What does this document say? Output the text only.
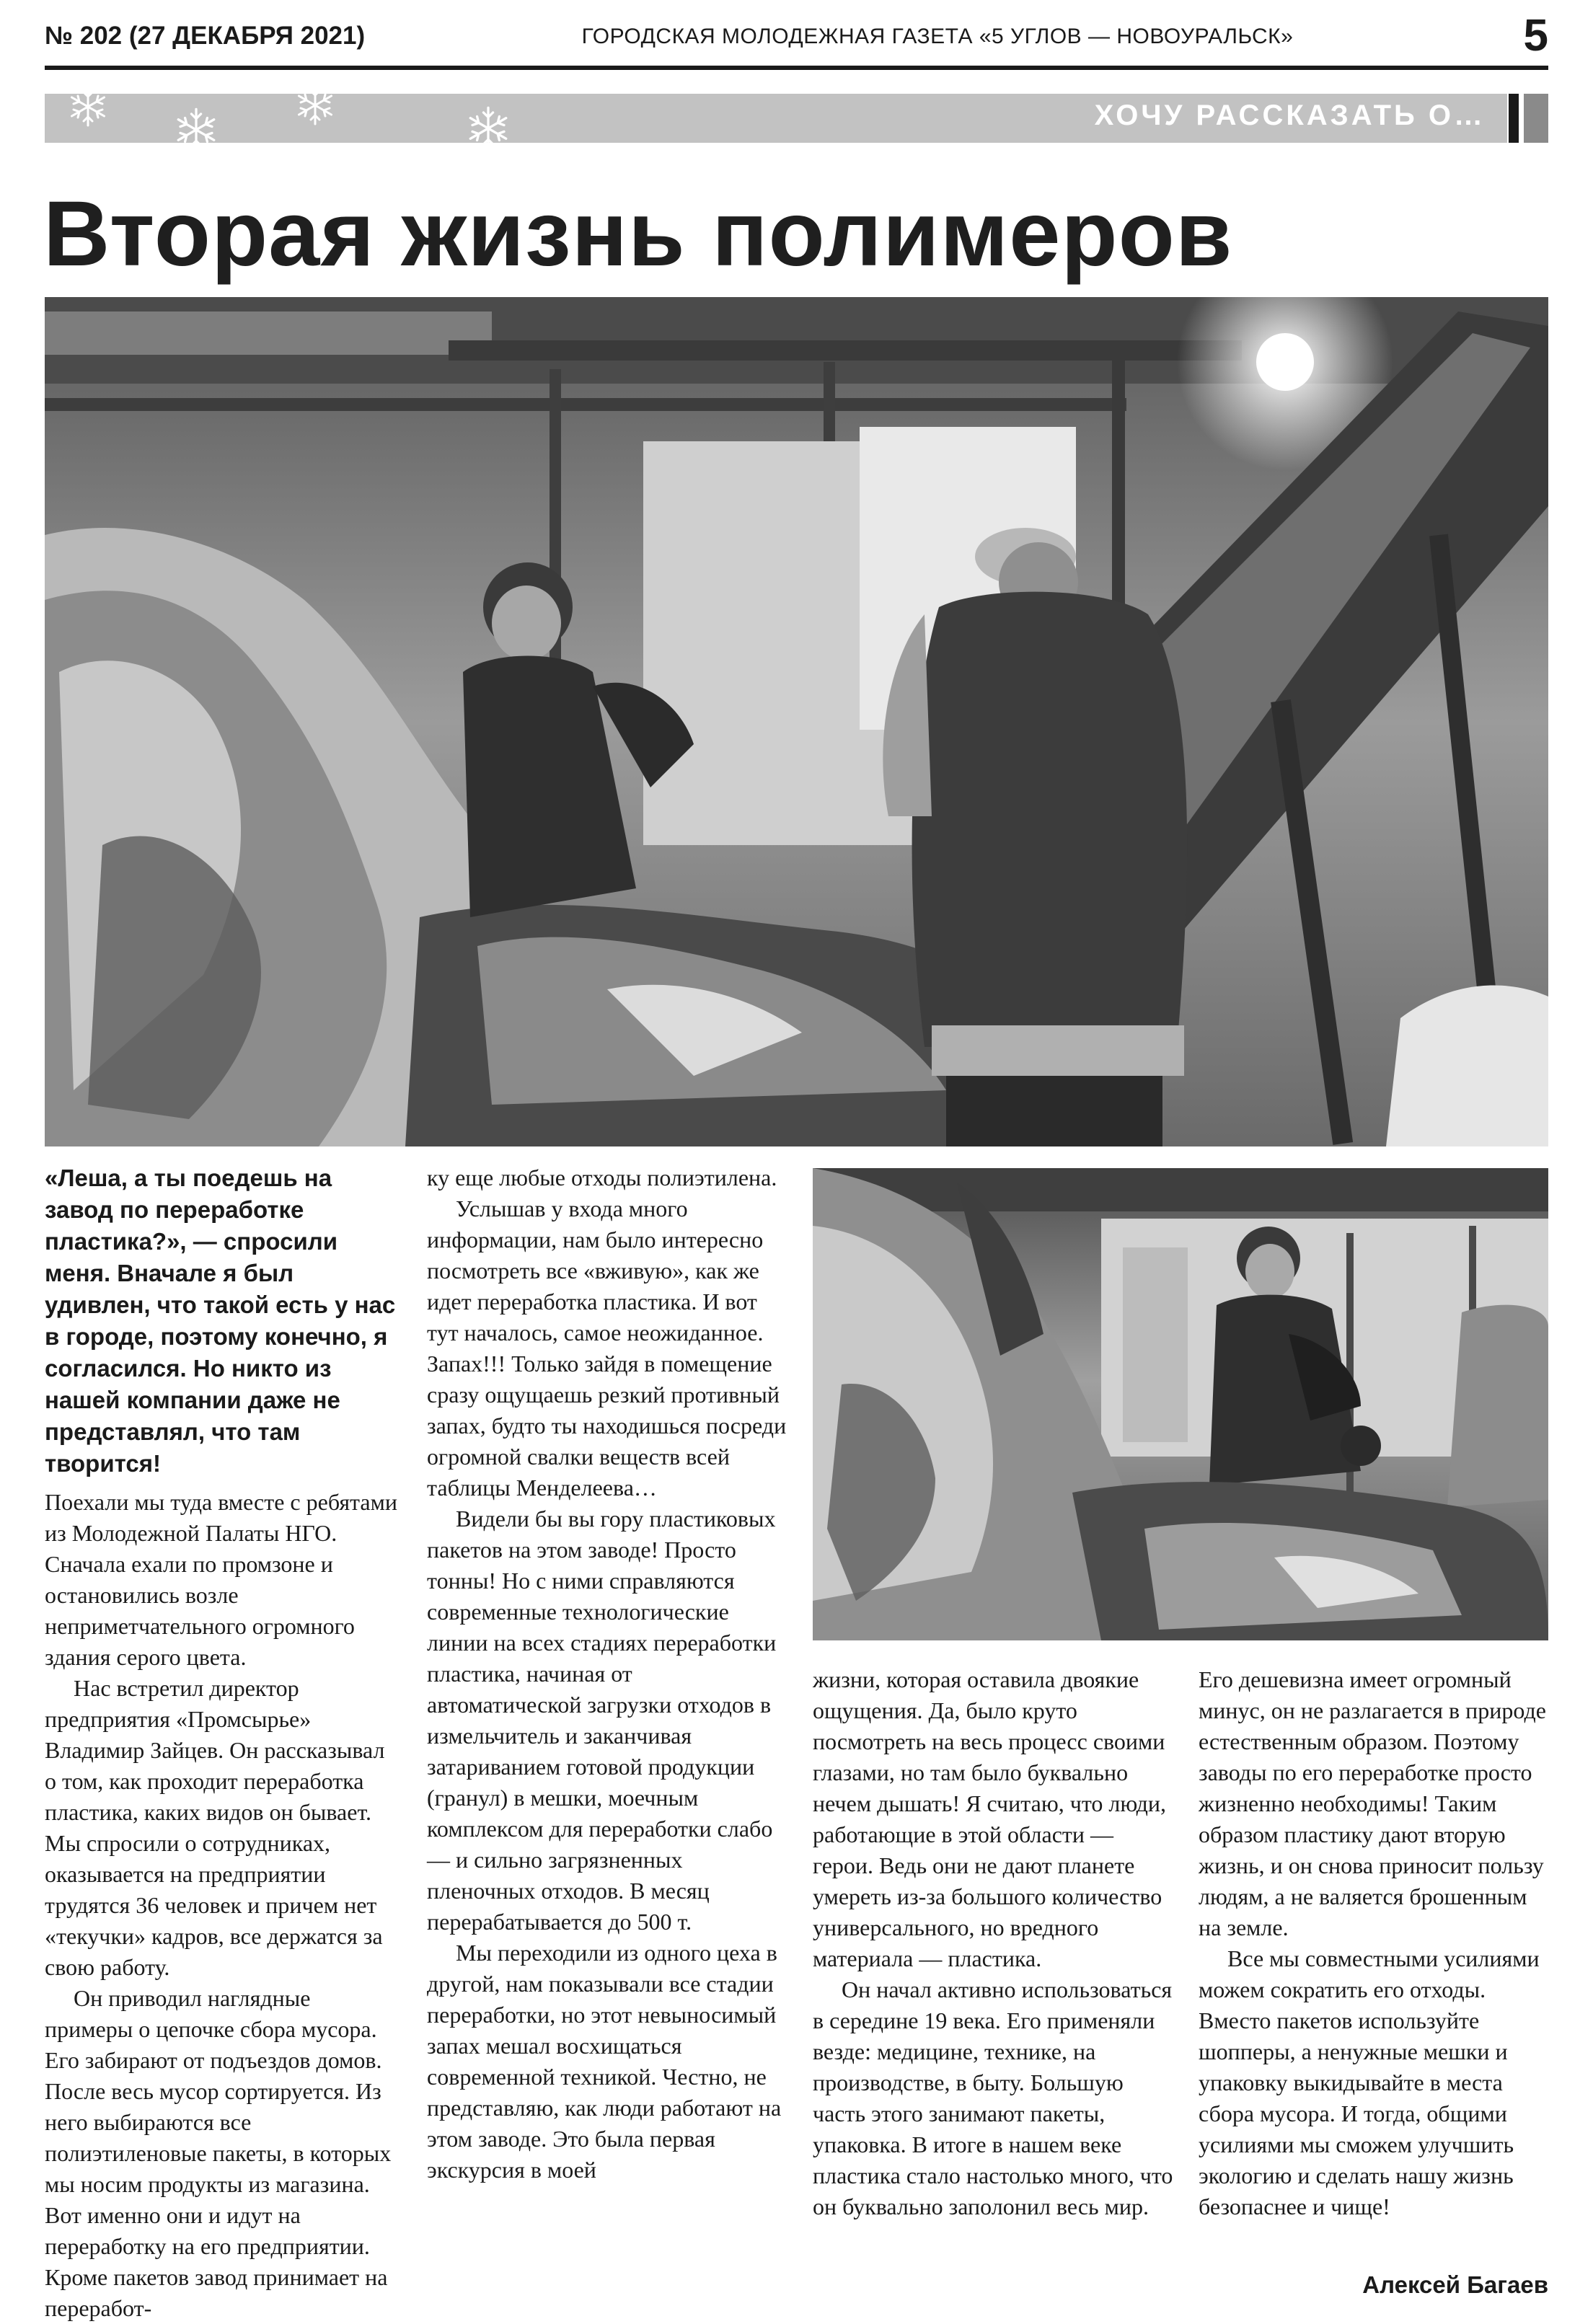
№ 202 (27 ДЕКАБРЯ 2021)	ГОРОДСКАЯ МОЛОДЕЖНАЯ ГАЗЕТА «5 УГЛОВ — НОВОУРАЛЬСК»	5
ХОЧУ РАССКАЗАТЬ О…
Вторая жизнь полимеров
«Леша, а ты поедешь на завод по переработке пластика?», — спросили меня. Вначале я был удивлен, что такой есть у нас в городе, поэтому конечно, я согласился. Но никто из нашей компании даже не представлял, что там творится!

Поехали мы туда вместе с ребятами из Молодежной Палаты НГО. Сначала ехали по промзоне и остановились возле неприметчательного огромного здания серого цвета.

Нас встретил директор предприятия «Промсырье» Владимир Зайцев. Он рассказывал о том, как проходит переработка пластика, каких видов он бывает. Мы спросили о сотрудниках, оказывается на предприятии трудятся 36 человек и причем нет «текучки» кадров, все держатся за свою работу.

Он приводил наглядные примеры о цепочке сбора мусора. Его забирают от подъездов домов. После весь мусор сортируется. Из него выбираются все полиэтиленовые пакеты, в которых мы носим продукты из магазина. Вот именно они и идут на переработку на его предприятии. Кроме пакетов завод принимает на переработ-

ку еще любые отходы полиэтилена.

Услышав у входа много информации, нам было интересно посмотреть все «вживую», как же идет переработка пластика. И вот тут началось, самое неожиданное. Запах!!! Только зайдя в помещение сразу ощущаешь резкий противный запах, будто ты находишься посреди огромной свалки веществ всей таблицы Менделеева…

Видели бы вы гору пластиковых пакетов на этом заводе! Просто тонны! Но с ними справляются современные технологические линии на всех стадиях переработки пластика, начиная от автоматической загрузки отходов в измельчитель и заканчивая затариванием готовой продукции (гранул) в мешки, моечным комплексом для переработки слабо— и сильно загрязненных пленочных отходов. В месяц перерабатывается до 500 т.

Мы переходили из одного цеха в другой, нам показывали все стадии переработки, но этот невыносимый запах мешал восхищаться современной техникой. Честно, не представляю, как люди работают на этом заводе. Это была первая экскурсия в моей

жизни, которая оставила двоякие ощущения. Да, было круто посмотреть на весь процесс своими глазами, но там было буквально нечем дышать! Я считаю, что люди, работающие в этой области — герои. Ведь они не дают планете умереть из-за большого количество универсального, но вредного материала — пластика.

Он начал активно использоваться в середине 19 века. Его применяли везде: медицине, технике, на производстве, в быту. Большую часть этого занимают пакеты, упаковка. В итоге в нашем веке пластика стало настолько много, что он буквально заполонил весь мир.

Его дешевизна имеет огромный минус, он не разлагается в природе естественным образом. Поэтому заводы по его переработке просто жизненно необходимы! Таким образом пластику дают вторую жизнь, и он снова приносит пользу людям, а не валяется брошенным на земле.

Все мы совместными усилиями можем сократить его отходы. Вместо пакетов используйте шопперы, а ненужные мешки и упаковку выкидывайте в места сбора мусора. И тогда, общими усилиями мы сможем улучшить экологию и сделать нашу жизнь безопаснее и чище!

Алексей Багаев
